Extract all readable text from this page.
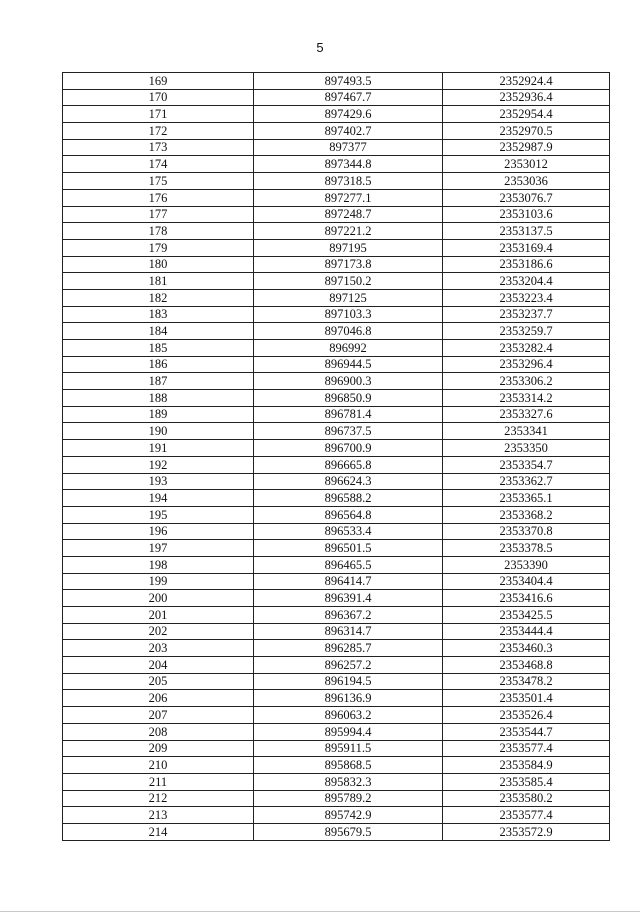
5
169	897493.5	2352924.4
170	897467.7	2352936.4
171	897429.6	2352954.4
172	897402.7	2352970.5
173	897377	2352987.9
174	897344.8	2353012
175	897318.5	2353036
176	897277.1	2353076.7
177	897248.7	2353103.6
178	897221.2	2353137.5
179	897195	2353169.4
180	897173.8	2353186.6
181	897150.2	2353204.4
182	897125	2353223.4
183	897103.3	2353237.7
184	897046.8	2353259.7
185	896992	2353282.4
186	896944.5	2353296.4
187	896900.3	2353306.2
188	896850.9	2353314.2
189	896781.4	2353327.6
190	896737.5	2353341
191	896700.9	2353350
192	896665.8	2353354.7
193	896624.3	2353362.7
194	896588.2	2353365.1
195	896564.8	2353368.2
196	896533.4	2353370.8
197	896501.5	2353378.5
198	896465.5	2353390
199	896414.7	2353404.4
200	896391.4	2353416.6
201	896367.2	2353425.5
202	896314.7	2353444.4
203	896285.7	2353460.3
204	896257.2	2353468.8
205	896194.5	2353478.2
206	896136.9	2353501.4
207	896063.2	2353526.4
208	895994.4	2353544.7
209	895911.5	2353577.4
210	895868.5	2353584.9
211	895832.3	2353585.4
212	895789.2	2353580.2
213	895742.9	2353577.4
214	895679.5	2353572.9
